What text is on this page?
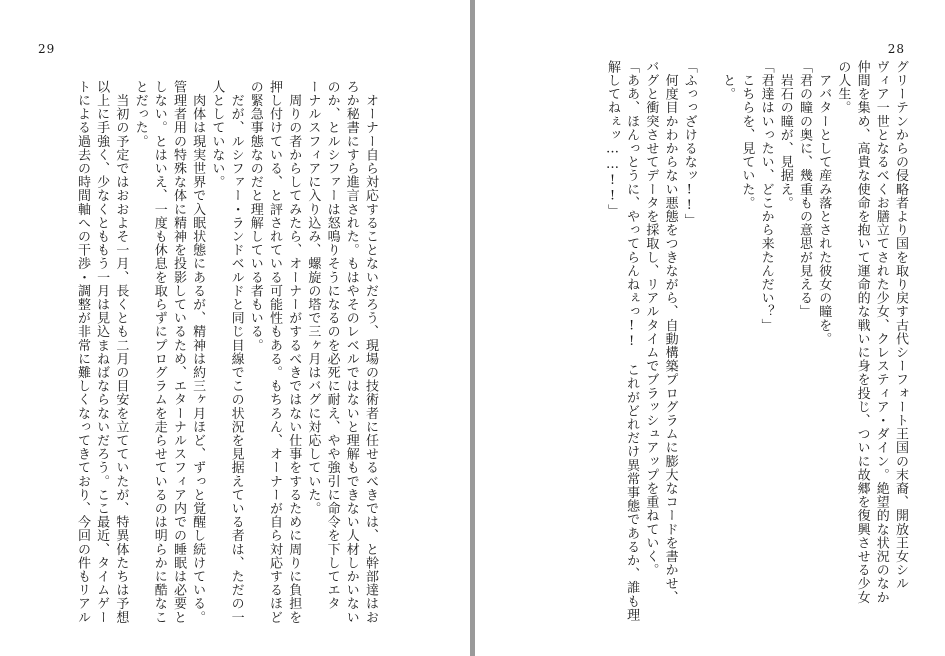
29

　オーナー自ら対応することないだろう、現場の技術者に任せるべきでは、と幹部達はお

ろか秘書にすら進言された。もはやそのレベルではないと理解もできない人材しかいない

のか、とルシファーは怒鳴りそうになるのを必死に耐え、やや強引に命令を下してエタ

ーナルスフィアに入り込み、螺旋の塔で三ヶ月はバグに対応していた。

　周りの者からしてみたら、オーナーがするべきではない仕事をするために周りに負担を

押し付けている、と評されている可能性もある。もちろん、オーナーが自ら対応するほど

の緊急事態なのだと理解している者もいる。

　だが、ルシファー・ランドベルドと同じ目線でこの状況を見据えている者は、ただの一

人としていない。

　肉体は現実世界で入眠状態にあるが、精神は約三ヶ月ほど、ずっと覚醒し続けている。

管理者用の特殊な体に精神を投影しているため、エターナルスフィア内での睡眠は必要と

しない。とはいえ、一度も休息を取らずにプログラムを走らせているのは明らかに酷なこ

とだった。

　当初の予定ではおおよそ一月、長くとも二月の目安を立てていたが、特異体たちは予想

以上に手強く、少なくとももう一月は見込まねばならないだろう。ここ最近、タイムゲー

トによる過去の時間軸への干渉・調整が非常に難しくなってきており、今回の件もリアル

28

グリーテンからの侵略者より国を取り戻す古代シーフォート王国の末裔、開放王女シル

ヴィア一世となるべくお膳立てされた少女、クレスティア・ダイン。絶望的な状況のなか

仲間を集め、高貴な使命を抱いて運命的な戦いに身を投じ、ついに故郷を復興させる少女

の人生。

　アバターとして産み落とされた彼女の瞳を。

「君の瞳の奥に、幾重もの意思が見える」

　岩石の瞳が、見据え。

「君達はいったい、どこから来たんだい？」

　こちらを、見ていた。

　と。

「ふっっざけるなッ!!」

　何度目かわからない悪態をつきながら、自動構築プログラムに膨大なコードを書かせ、

バグと衝突させてデータを採取し、リアルタイムでブラッシュアップを重ねていく。

「ああ、ほんっとうに、やってらんねぇっ!!　これがどれだけ異常事態であるか、誰も理

解してねぇッ……!!」
